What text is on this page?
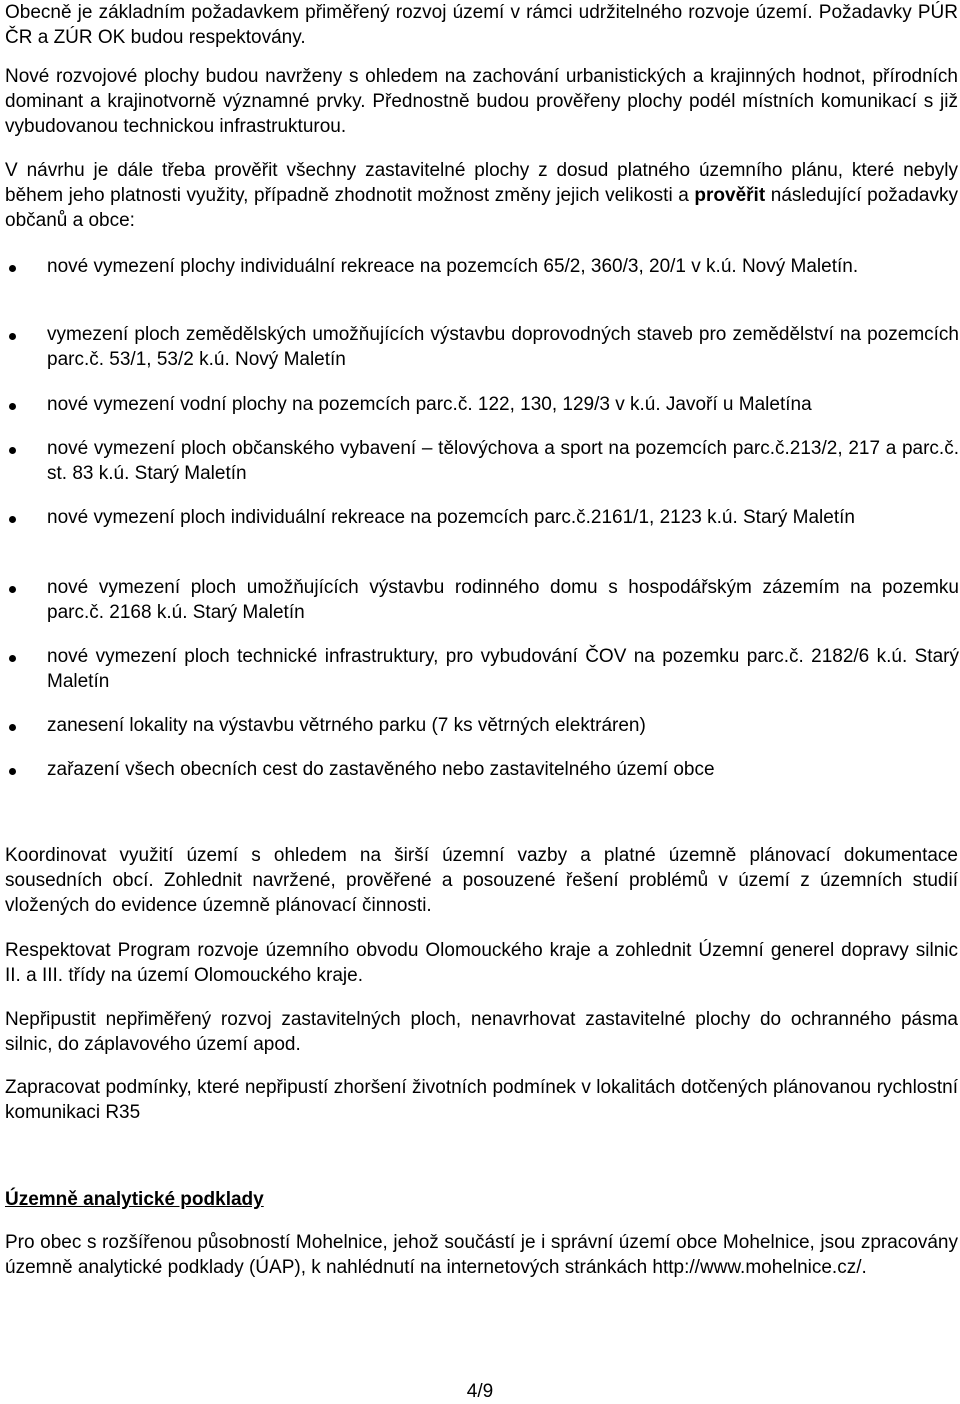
Obecně je základním požadavkem přiměřený rozvoj území v rámci udržitelného rozvoje území. Požadavky PÚR ČR a ZÚR OK budou respektovány.

Nové rozvojové plochy budou navrženy s ohledem na zachování urbanistických a krajinných hodnot, přírodních dominant a krajinotvorně významné prvky. Přednostně budou prověřeny plochy podél místních komunikací s již vybudovanou technickou infrastrukturou.

V návrhu je dále třeba prověřit všechny zastavitelné plochy z dosud platného územního plánu, které nebyly během jeho platnosti využity, případně zhodnotit možnost změny jejich velikosti a prověřit následující požadavky občanů a obce:

nové vymezení plochy individuální rekreace na pozemcích 65/2, 360/3, 20/1 v k.ú. Nový Maletín.
vymezení ploch zemědělských umožňujících výstavbu doprovodných staveb pro zemědělství na pozemcích parc.č. 53/1, 53/2 k.ú. Nový Maletín
nové vymezení vodní plochy na pozemcích parc.č. 122, 130, 129/3 v k.ú. Javoří u Maletína
nové vymezení ploch občanského vybavení – tělovýchova a sport na pozemcích parc.č.213/2, 217 a parc.č. st. 83 k.ú. Starý Maletín
nové vymezení ploch individuální rekreace na pozemcích parc.č.2161/1, 2123 k.ú. Starý Maletín
nové vymezení ploch umožňujících výstavbu rodinného domu s hospodářským zázemím na pozemku parc.č. 2168 k.ú. Starý Maletín
nové vymezení ploch technické infrastruktury, pro vybudování ČOV na pozemku parc.č. 2182/6 k.ú. Starý Maletín
zanesení lokality na výstavbu větrného parku (7 ks větrných elektráren)
zařazení všech obecních cest do zastavěného nebo zastavitelného území obce

Koordinovat využití území s ohledem na širší územní vazby a platné územně plánovací dokumentace sousedních obcí. Zohlednit navržené, prověřené a posouzené řešení problémů v území z územních studií vložených do evidence územně plánovací činnosti.

Respektovat Program rozvoje územního obvodu Olomouckého kraje a zohlednit Územní generel dopravy silnic II. a III. třídy na území Olomouckého kraje.

Nepřipustit nepřiměřený rozvoj zastavitelných ploch, nenavrhovat zastavitelné plochy do ochranného pásma silnic, do záplavového území apod.

Zapracovat podmínky, které nepřipustí zhoršení životních podmínek v lokalitách dotčených plánovanou rychlostní komunikaci R35

Územně analytické podklady

Pro obec s rozšířenou působností Mohelnice, jehož součástí je i správní území obce Mohelnice, jsou zpracovány územně analytické podklady (ÚAP), k nahlédnutí na internetových stránkách http://www.mohelnice.cz/.

4/9
